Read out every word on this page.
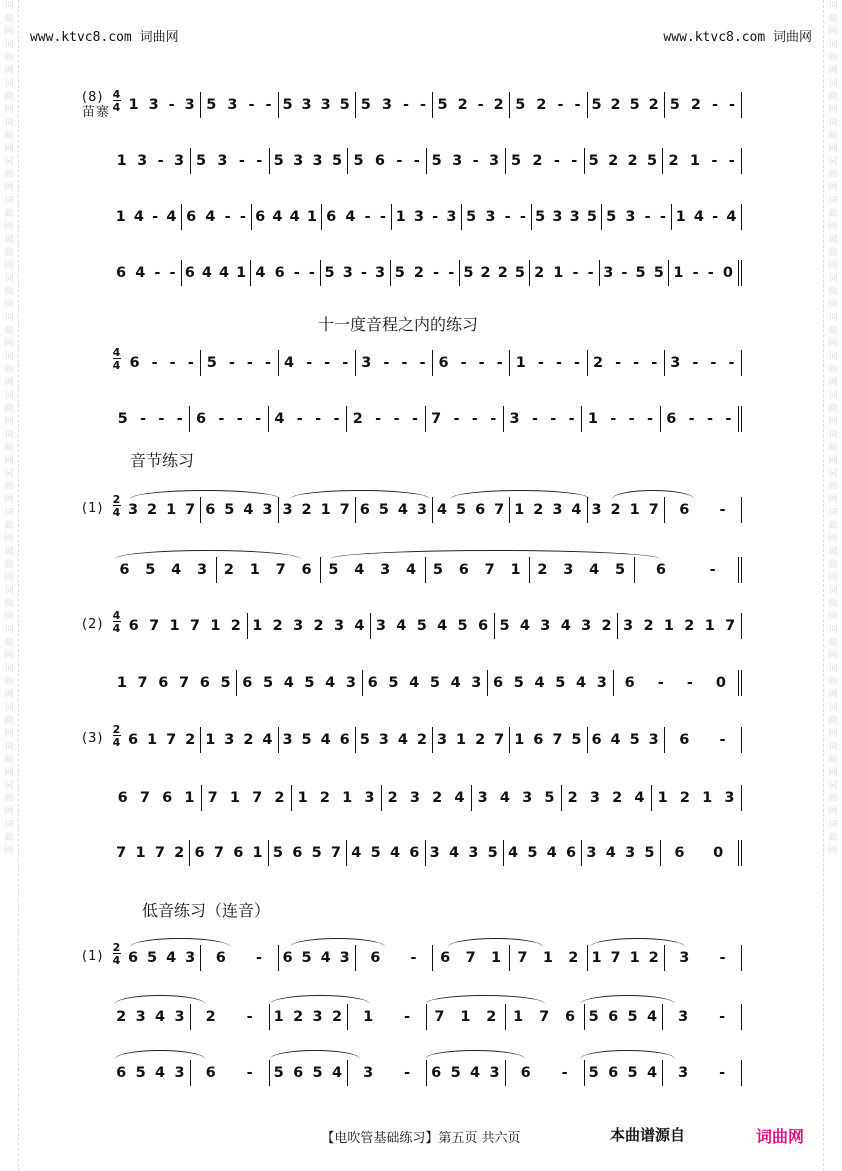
词
曲
网
词
曲
网
词
曲
网
词
曲
网
词
曲
网
词
曲
网
词
曲
网
词
曲
网
词
曲
网
词
曲
网
词
曲
网
词
曲
网
词
曲
网
词
曲
网
词
曲
网
词
曲
网
词
曲
网
词
曲
网
词
曲
网
词
曲
网
词
曲
网
词
曲
网
词
曲
网
词
曲
网
词
曲
网
词
曲
网
词
曲
网
词
曲
网
词
曲
网
词
曲
网
词
曲
网
词
曲
网
词
曲
网
词
曲
网
词
曲
网
词
曲
网
词
曲
网
词
曲
网
词
曲
网
词
曲
网
词
曲
网
词
曲
网
词
曲
网
词
曲
网
www.ktvc8.com 词曲网	www.ktvc8.com 词曲网
(8)
苗寨
4
4 1 3 - 3 5 3 - - 5 3 3 5 5 3 - - 5 2 - 2 5 2 - - 5 2 5 2 5 2 - -
1 3 - 3 5 3 - - 5 3 3 5 5 6 - - 5 3 - 3 5 2 - - 5 2 2 5 2 1 - -
1 4 - 4 6 4 - - 6 4 4 1 6 4 - - 1 3 - 3 5 3 - - 5 3 3 5 5 3 - - 1 4 - 4
6 4 - - 6 4 4 1 4 6 - - 5 3 - 3 5 2 - - 5 2 2 5 2 1 - - 3 - 5 5 1 - - 0
4
4 6 - - - 5 - - - 4 - - - 3 - - - 6 - - - 1 - - - 2 - - - 3 - - -
5 - - - 6 - - - 4 - - - 2 - - - 7 - - - 3 - - - 1 - - - 6 - - -
(1)
2
4 3 2 1 7 6 5 4 3 3 2 1 7 6 5 4 3 4 5 6 7 1 2 3 4 3 2 1 7 6 -
6 5 4 3 2 1 7 6 5 4 3 4 5 6 7 1 2 3 4 5 6	-
(2)
4
4 6 7 1 7 1 2 1 2 3 2 3 4 3 4 5 4 5 6 5 4 3 4 3 2 3 2 1 2 1 7
1 7 6 7 6 5 6 5 4 5 4 3 6 5 4 5 4 3 6 5 4 5 4 3 6 - - 0
(3)
2
4 6 1 7 2 1 3 2 4 3 5 4 6 5 3 4 2 3 1 2 7 1 6 7 5 6 4 5 3 6 -
6 7 6 1 7 1 7 2 1 2 1 3 2 3 2 4 3 4 3 5 2 3 2 4 1 2 1 3
7 1 7 2 6 7 6 1 5 6 5 7 4 5 4 6 3 4 3 5 4 5 4 6 3 4 3 5 6 0
(1)
2
4 6 5 4 3 6 - 6 5 4 3 6 - 6 7 1 7 1 2 1 7 1 2 3 -
2 3 4 3 2 - 1 2 3 2 1 - 7 1 2 1 7 6 5 6 5 4 3 -
6 5 4 3 6 - 5 6 5 4 3 - 6 5 4 3 6 - 5 6 5 4 3 -
十一度音程之内的练习
音节练习
低音练习（连音）
【电吹管基础练习】第五页 共六页	本曲谱源自	词曲网
